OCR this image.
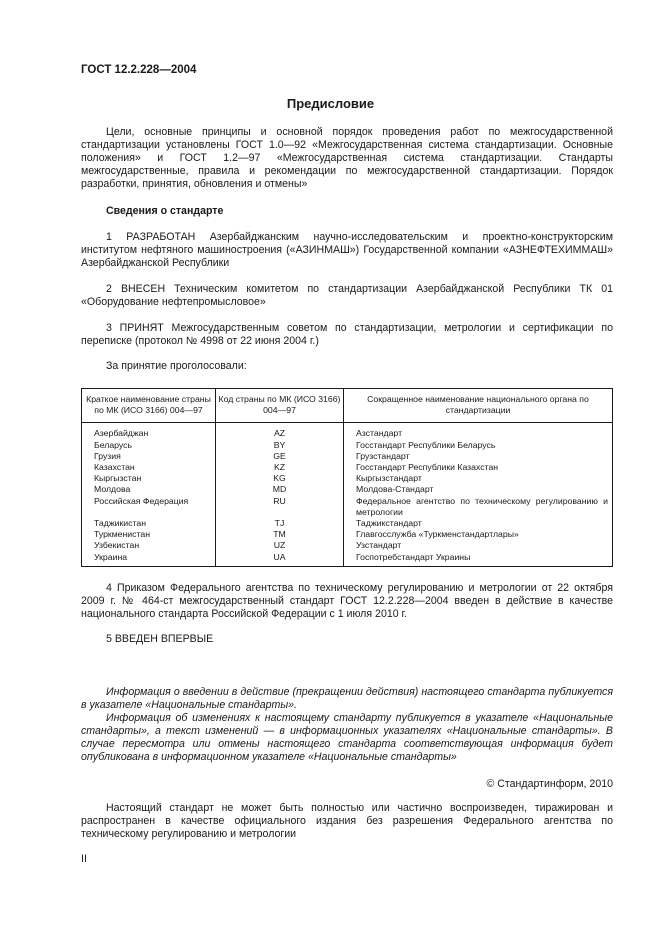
ГОСТ 12.2.228—2004
Предисловие

Цели, основные принципы и основной порядок проведения работ по межгосударственной стандартизации установлены ГОСТ 1.0—92 «Межгосударственная система стандартизации. Основные положения» и ГОСТ 1.2—97 «Межгосударственная система стандартизации. Стандарты межгосударственные, правила и рекомендации по межгосударственной стандартизации. Порядок разработки, принятия, обновления и отмены»

Сведения о стандарте

1 РАЗРАБОТАН Азербайджанским научно-исследовательским и проектно-конструкторским институтом нефтяного машиностроения («АЗИНМАШ») Государственной компании «АЗНЕФТЕХИММАШ» Азербайджанской Республики

2 ВНЕСЕН Техническим комитетом по стандартизации Азербайджанской Республики ТК 01 «Оборудование нефтепромысловое»

3 ПРИНЯТ Межгосударственным советом по стандартизации, метрологии и сертификации по переписке (протокол № 4998 от 22 июня 2004 г.)

За принятие проголосовали:

Краткое наименование страны по МК (ИСО 3166) 004—97	Код страны по МК (ИСО 3166) 004—97	Сокращенное наименование национального органа по стандартизации
Азербайджан	AZ	Азстандарт
Беларусь	BY	Госстандарт Республики Беларусь
Грузия	GE	Грузстандарт
Казахстан	KZ	Госстандарт Республики Казахстан
Кыргызстан	KG	Кыргызстандарт
Молдова	MD	Молдова-Стандарт
Российская Федерация	RU	Федеральное агентство по техническому регулированию и метрологии
Таджикистан	TJ	Таджикстандарт
Туркменистан	TM	Главгосслужба «Туркменстандартлары»
Узбекистан	UZ	Узстандарт
Украина	UA	Госпотребстандарт Украины

4 Приказом Федерального агентства по техническому регулированию и метрологии от 22 октября 2009 г. № 464-ст межгосударственный стандарт ГОСТ 12.2.228—2004 введен в действие в качестве национального стандарта Российской Федерации с 1 июля 2010 г.

5 ВВЕДЕН ВПЕРВЫЕ

Информация о введении в действие (прекращении действия) настоящего стандарта публикуется в указателе «Национальные стандарты».

Информация об изменениях к настоящему стандарту публикуется в указателе «Национальные стандарты», а текст изменений — в информационных указателях «Национальные стандарты». В случае пересмотра или отмены настоящего стандарта соответствующая информация будет опубликована в информационном указателе «Национальные стандарты»

© Стандартинформ, 2010

Настоящий стандарт не может быть полностью или частично воспроизведен, тиражирован и распространен в качестве официального издания без разрешения Федерального агентства по техническому регулированию и метрологии

II
